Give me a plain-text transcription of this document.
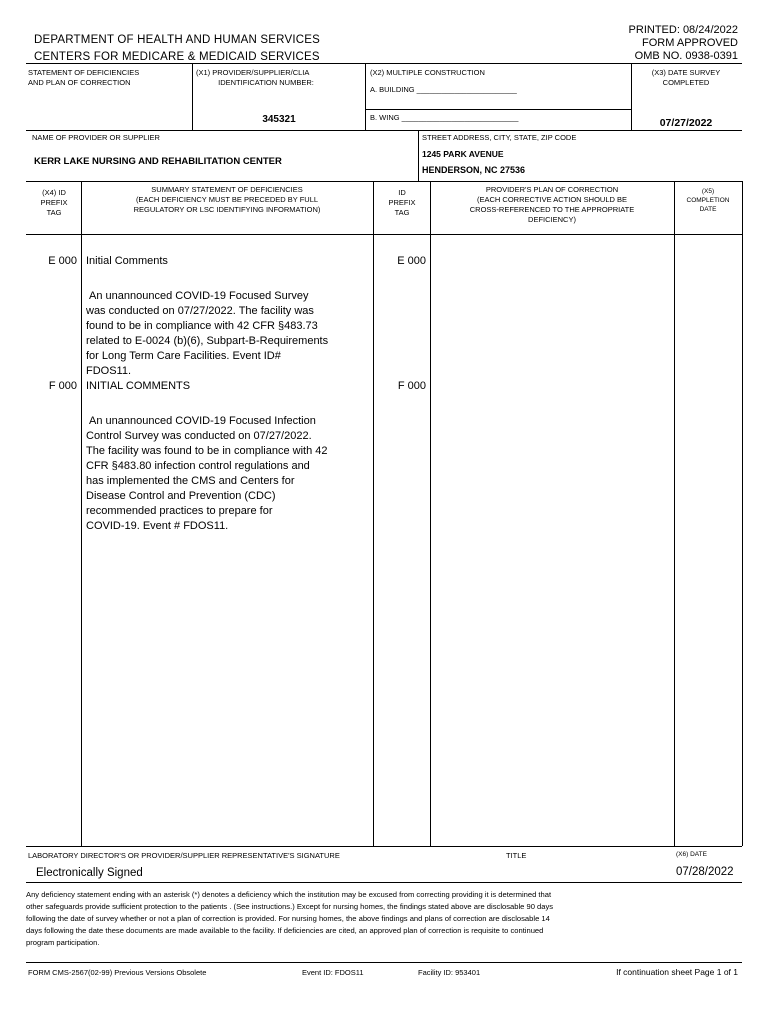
DEPARTMENT OF HEALTH AND HUMAN SERVICES
CENTERS FOR MEDICARE & MEDICAID SERVICES
PRINTED: 08/24/2022
FORM APPROVED
OMB NO. 0938-0391
STATEMENT OF DEFICIENCIES
AND PLAN OF CORRECTION
(X1) PROVIDER/SUPPLIER/CLIA
IDENTIFICATION NUMBER:
345321
(X2) MULTIPLE CONSTRUCTION
A. BUILDING ________________________
B. WING ____________________________
(X3) DATE SURVEY
COMPLETED
07/27/2022
NAME OF PROVIDER OR SUPPLIER
KERR LAKE NURSING AND REHABILITATION CENTER
STREET ADDRESS, CITY, STATE, ZIP CODE
1245 PARK AVENUE
HENDERSON, NC 27536
(X4) ID
PREFIX
TAG
SUMMARY STATEMENT OF DEFICIENCIES
(EACH DEFICIENCY MUST BE PRECEDED BY FULL
REGULATORY OR LSC IDENTIFYING INFORMATION)
ID
PREFIX
TAG
PROVIDER'S PLAN OF CORRECTION
(EACH CORRECTIVE ACTION SHOULD BE
CROSS-REFERENCED TO THE APPROPRIATE
DEFICIENCY)
(X5)
COMPLETION
DATE
E 000 Initial Comments	E 000
An unannounced COVID-19 Focused Survey
was conducted on 07/27/2022. The facility was
found to be in compliance with 42 CFR §483.73
related to E-0024 (b)(6), Subpart-B-Requirements
for Long Term Care Facilities. Event ID#
FDOS11.
F 000 INITIAL COMMENTS	F 000
An unannounced COVID-19 Focused Infection
Control Survey was conducted on 07/27/2022.
The facility was found to be in compliance with 42
CFR §483.80 infection control regulations and
has implemented the CMS and Centers for
Disease Control and Prevention (CDC)
recommended practices to prepare for
COVID-19. Event # FDOS11.
LABORATORY DIRECTOR'S OR PROVIDER/SUPPLIER REPRESENTATIVE'S SIGNATURE	TITLE	(X6) DATE
Electronically Signed	07/28/2022
Any deficiency statement ending with an asterisk (*) denotes a deficiency which the institution may be excused from correcting providing it is determined that
other safeguards provide sufficient protection to the patients . (See instructions.) Except for nursing homes, the findings stated above are disclosable 90 days
following the date of survey whether or not a plan of correction is provided. For nursing homes, the above findings and plans of correction are disclosable 14
days following the date these documents are made available to the facility. If deficiencies are cited, an approved plan of correction is requisite to continued
program participation.
FORM CMS-2567(02-99) Previous Versions Obsolete	Event ID: FDOS11	Facility ID: 953401	If continuation sheet Page 1 of 1
